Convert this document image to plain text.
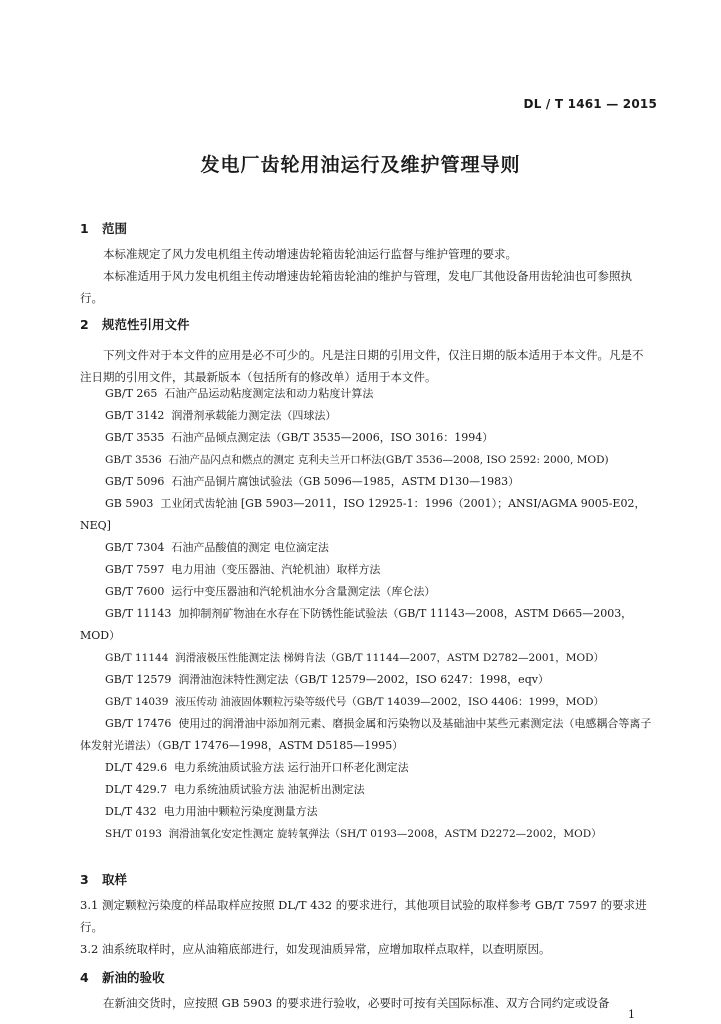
DL / T 1461 — 2015
发电厂齿轮用油运行及维护管理导则
1 范围

本标准规定了风力发电机组主传动增速齿轮箱齿轮油运行监督与维护管理的要求。

本标准适用于风力发电机组主传动增速齿轮箱齿轮油的维护与管理，发电厂其他设备用齿轮油也可参照执行。

2 规范性引用文件

下列文件对于本文件的应用是必不可少的。凡是注日期的引用文件，仅注日期的版本适用于本文件。凡是不注日期的引用文件，其最新版本（包括所有的修改单）适用于本文件。

GB/T 265 石油产品运动粘度测定法和动力粘度计算法
GB/T 3142 润滑剂承载能力测定法（四球法）
GB/T 3535 石油产品倾点测定法（GB/T 3535—2006，ISO 3016：1994）
GB/T 3536 石油产品闪点和燃点的测定 克利夫兰开口杯法(GB/T 3536—2008, ISO 2592: 2000, MOD)
GB/T 5096 石油产品铜片腐蚀试验法（GB 5096—1985，ASTM D130—1983）
GB 5903 工业闭式齿轮油 [GB 5903—2011，ISO 12925-1：1996（2001）；ANSI/AGMA 9005-E02，NEQ]
GB/T 7304 石油产品酸值的测定 电位滴定法
GB/T 7597 电力用油（变压器油、汽轮机油）取样方法
GB/T 7600 运行中变压器油和汽轮机油水分含量测定法（库仑法）
GB/T 11143 加抑制剂矿物油在水存在下防锈性能试验法（GB/T 11143—2008，ASTM D665—2003，MOD）
GB/T 11144 润滑液极压性能测定法 梯姆肯法（GB/T 11144—2007，ASTM D2782—2001，MOD）
GB/T 12579 润滑油泡沫特性测定法（GB/T 12579—2002，ISO 6247：1998，eqv）
GB/T 14039 液压传动 油液固体颗粒污染等级代号（GB/T 14039—2002，ISO 4406：1999，MOD）
GB/T 17476 使用过的润滑油中添加剂元素、磨损金属和污染物以及基础油中某些元素测定法（电感耦合等离子体发射光谱法）（GB/T 17476—1998，ASTM D5185—1995）
DL/T 429.6 电力系统油质试验方法 运行油开口杯老化测定法
DL/T 429.7 电力系统油质试验方法 油泥析出测定法
DL/T 432 电力用油中颗粒污染度测量方法
SH/T 0193 润滑油氧化安定性测定 旋转氧弹法（SH/T 0193—2008，ASTM D2272—2002，MOD）
3 取样

3.1 测定颗粒污染度的样品取样应按照 DL/T 432 的要求进行，其他项目试验的取样参考 GB/T 7597 的要求进行。

3.2 油系统取样时，应从油箱底部进行，如发现油质异常，应增加取样点取样，以查明原因。

4 新油的验收

在新油交货时，应按照 GB 5903 的要求进行验收，必要时可按有关国际标准、双方合同约定或设备

1
